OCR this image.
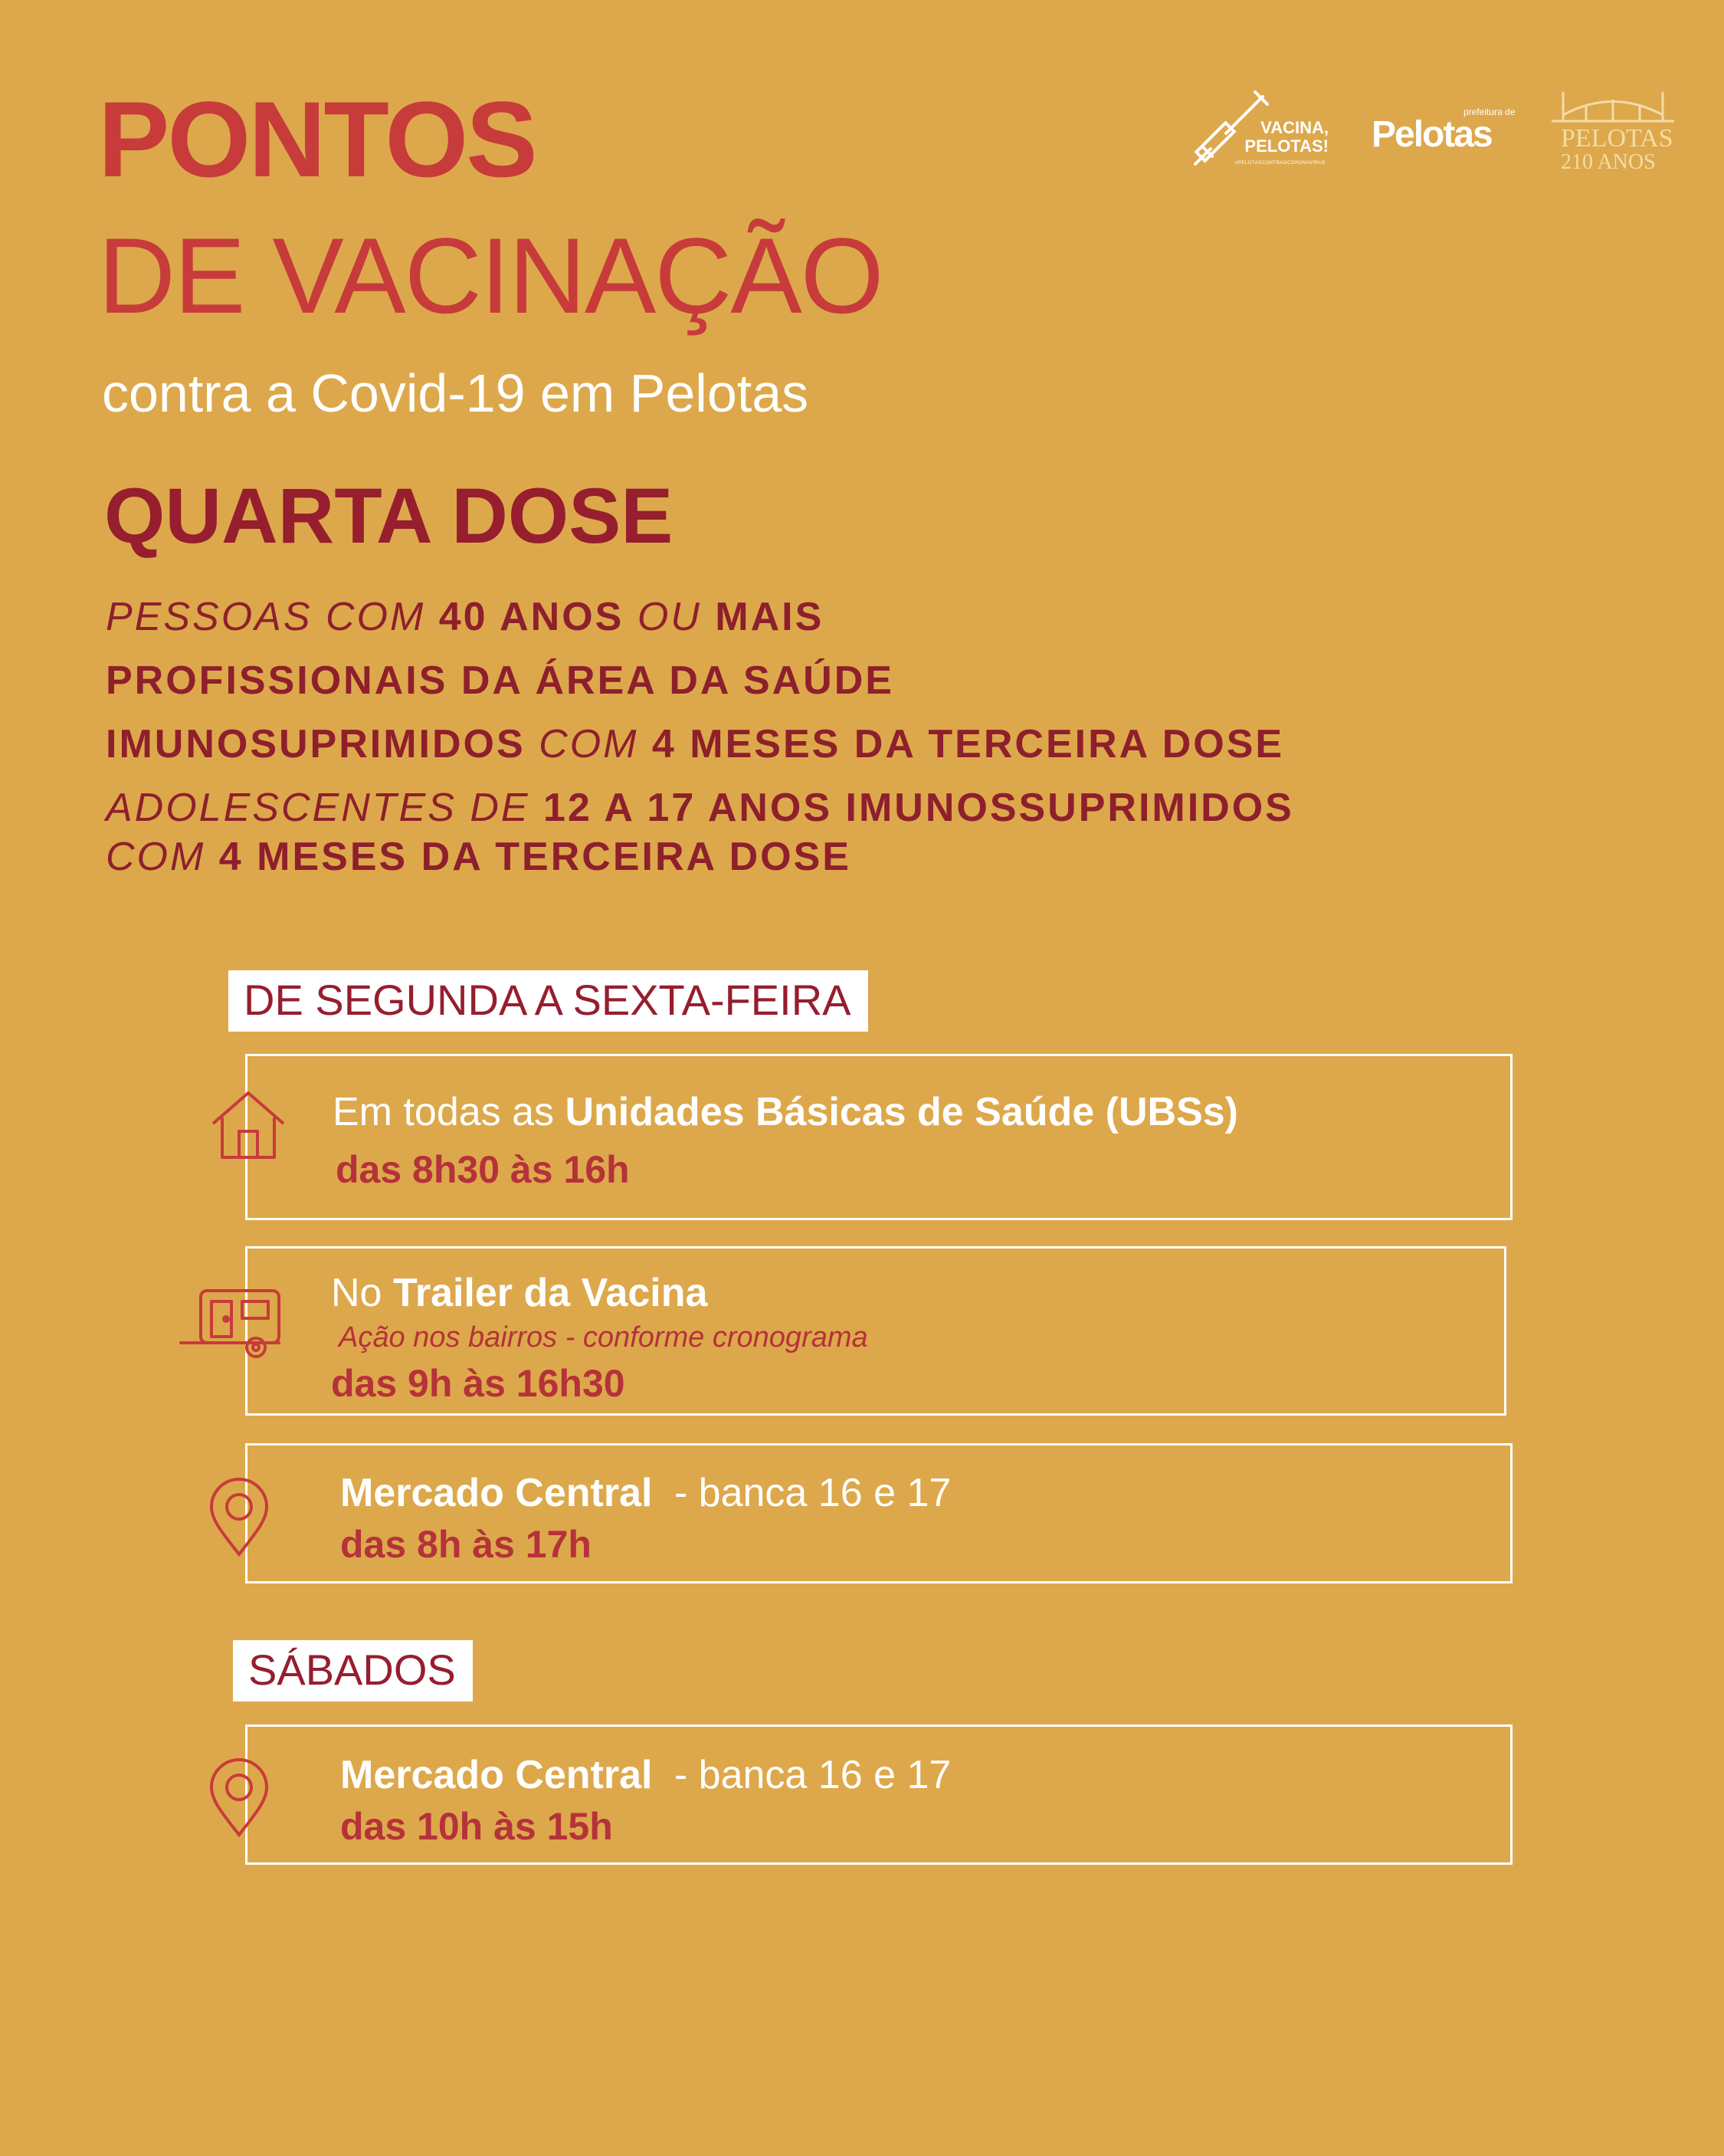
PONTOS
DE VACINAÇÃO

contra a Covid-19 em Pelotas

QUARTA DOSE
VACINA,
PELOTAS!
#PELOTASCONTRAOCORONAVÍRUS
prefeitura de
Pelotas	PELOTAS
210 ANOS

PESSOAS COM 40 ANOS OU MAIS

PROFISSIONAIS DA ÁREA DA SAÚDE

IMUNOSUPRIMIDOS COM 4 MESES DA TERCEIRA DOSE

ADOLESCENTES DE 12 A 17 ANOS IMUNOSSUPRIMIDOS

COM 4 MESES DA TERCEIRA DOSE

DE SEGUNDA A SEXTA-FEIRA
Em todas as Unidades Básicas de Saúde (UBSs)
das 8h30 às 16h
No Trailer da Vacina
Ação nos bairros - conforme cronograma
das 9h às 16h30
Mercado Central - banca 16 e 17
das 8h às 17h
SÁBADOS
Mercado Central - banca 16 e 17
das 10h às 15h
